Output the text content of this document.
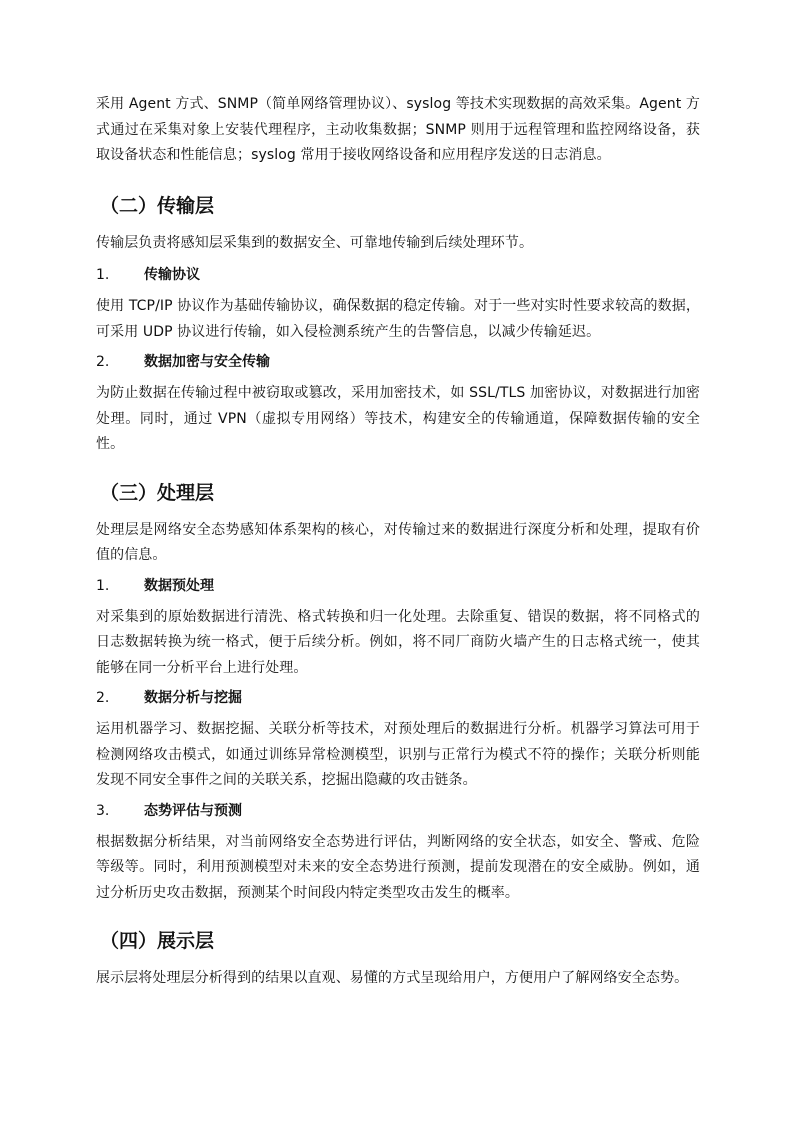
采用 Agent 方式、SNMP（简单网络管理协议）、syslog 等技术实现数据的高效采集。Agent 方式通过在采集对象上安装代理程序，主动收集数据；SNMP 则用于远程管理和监控网络设备，获取设备状态和性能信息；syslog 常用于接收网络设备和应用程序发送的日志消息。

（二）传输层

传输层负责将感知层采集到的数据安全、可靠地传输到后续处理环节。

1.	传输协议

使用 TCP/IP 协议作为基础传输协议，确保数据的稳定传输。对于一些对实时性要求较高的数据，可采用 UDP 协议进行传输，如入侵检测系统产生的告警信息，以减少传输延迟。

2.	数据加密与安全传输

为防止数据在传输过程中被窃取或篡改，采用加密技术，如 SSL/TLS 加密协议，对数据进行加密处理。同时，通过 VPN（虚拟专用网络）等技术，构建安全的传输通道，保障数据传输的安全性。

（三）处理层

处理层是网络安全态势感知体系架构的核心，对传输过来的数据进行深度分析和处理，提取有价值的信息。

1.	数据预处理

对采集到的原始数据进行清洗、格式转换和归一化处理。去除重复、错误的数据，将不同格式的日志数据转换为统一格式，便于后续分析。例如，将不同厂商防火墙产生的日志格式统一，使其能够在同一分析平台上进行处理。

2.	数据分析与挖掘

运用机器学习、数据挖掘、关联分析等技术，对预处理后的数据进行分析。机器学习算法可用于检测网络攻击模式，如通过训练异常检测模型，识别与正常行为模式不符的操作；关联分析则能发现不同安全事件之间的关联关系，挖掘出隐藏的攻击链条。

3.	态势评估与预测

根据数据分析结果，对当前网络安全态势进行评估，判断网络的安全状态，如安全、警戒、危险等级等。同时，利用预测模型对未来的安全态势进行预测，提前发现潜在的安全威胁。例如，通过分析历史攻击数据，预测某个时间段内特定类型攻击发生的概率。

（四）展示层

展示层将处理层分析得到的结果以直观、易懂的方式呈现给用户，方便用户了解网络安全态势。
